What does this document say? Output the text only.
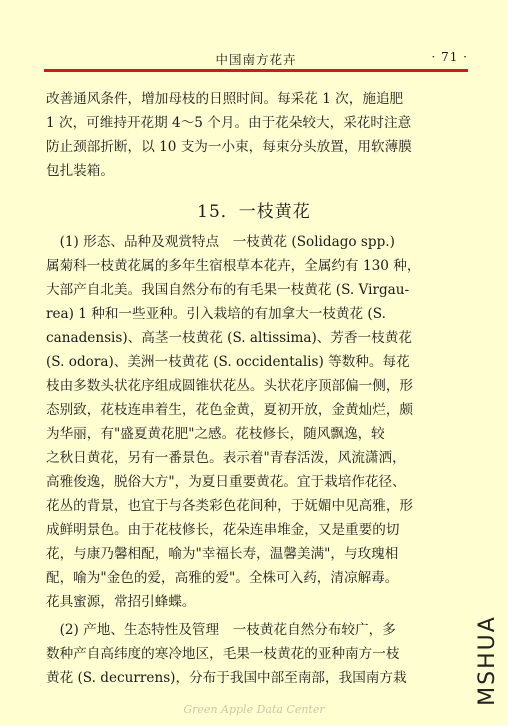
中国南方花卉	· 71 ·
改善通风条件，增加母枝的日照时间。每采花 1 次，施追肥
1 次，可维持开花期 4～5 个月。由于花朵较大，采花时注意
防止颈部折断，以 10 支为一小束，每束分头放置，用软薄膜
包扎装箱。
15．一枝黄花
　(1) 形态、品种及观赏特点　一枝黄花 (Solidago spp.)
属菊科一枝黄花属的多年生宿根草本花卉，全属约有 130 种，
大部产自北美。我国自然分布的有毛果一枝黄花 (S. Virgau-
rea) 1 种和一些亚种。引入栽培的有加拿大一枝黄花 (S.
canadensis)、高茎一枝黄花 (S. altissima)、芳香一枝黄花
(S. odora)、美洲一枝黄花 (S. occidentalis) 等数种。每花
枝由多数头状花序组成圆锥状花丛。头状花序顶部偏一侧，形
态别致，花枝连串着生，花色金黄，夏初开放，金黄灿烂，颇
为华丽，有"盛夏黄花肥"之感。花枝修长，随风飘逸，较
之秋日黄花，另有一番景色。表示着"青春活泼，风流潇洒，
高雅俊逸，脱俗大方"，为夏日重要黄花。宜于栽培作花径、
花丛的背景，也宜于与各类彩色花间种，于妩媚中见高雅，形
成鲜明景色。由于花枝修长，花朵连串堆金，又是重要的切
花，与康乃馨相配，喻为"幸福长寿，温馨美满"，与玫瑰相
配，喻为"金色的爱，高雅的爱"。全株可入药，清凉解毒。
花具蜜源，常招引蜂蝶。
　(2) 产地、生态特性及管理　一枝黄花自然分布较广，多
数种产自高纬度的寒冷地区，毛果一枝黄花的亚种南方一枝
黄花 (S. decurrens)，分布于我国中部至南部，我国南方栽	MSHUA
Green Apple Data Center
